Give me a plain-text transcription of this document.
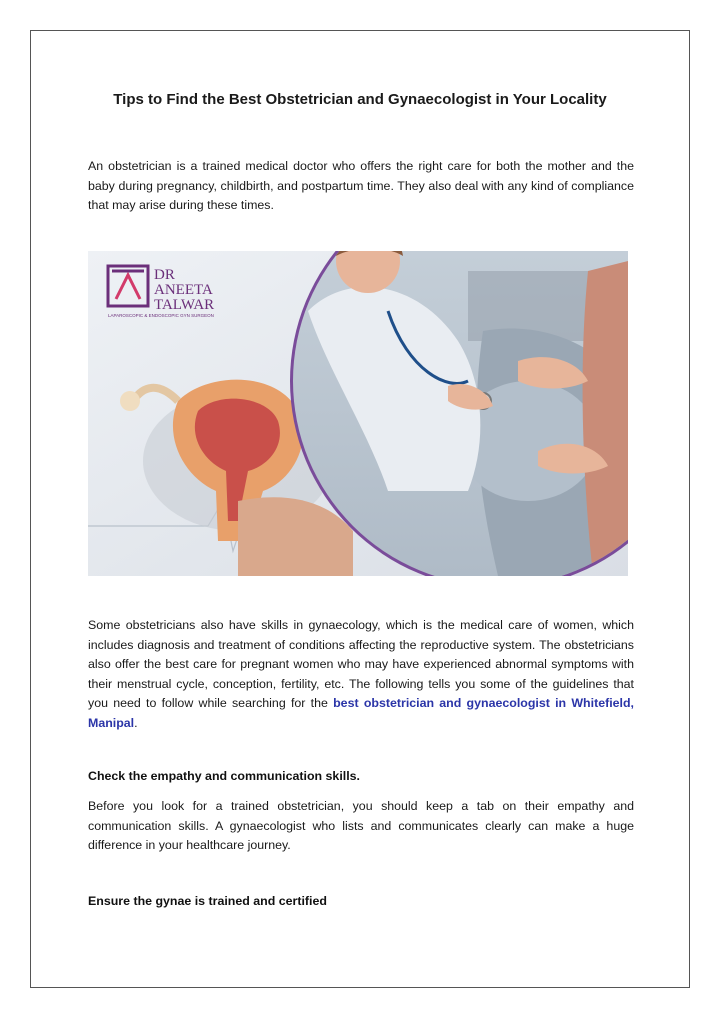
Tips to Find the Best Obstetrician and Gynaecologist in Your Locality
An obstetrician is a trained medical doctor who offers the right care for both the mother and the baby during pregnancy, childbirth, and postpartum time. They also deal with any kind of compliance that may arise during these times.
DR
ANEETA
TALWAR
LAPAROSCOPIC & ENDOSCOPIC GYN SURGEON
Some obstetricians also have skills in gynaecology, which is the medical care of women, which includes diagnosis and treatment of conditions affecting the reproductive system. The obstetricians also offer the best care for pregnant women who may have experienced abnormal symptoms with their menstrual cycle, conception, fertility, etc. The following tells you some of the guidelines that you need to follow while searching for the best obstetrician and gynaecologist in Whitefield, Manipal.
Check the empathy and communication skills.
Before you look for a trained obstetrician, you should keep a tab on their empathy and communication skills. A gynaecologist who lists and communicates clearly can make a huge difference in your healthcare journey.
Ensure the gynae is trained and certified
